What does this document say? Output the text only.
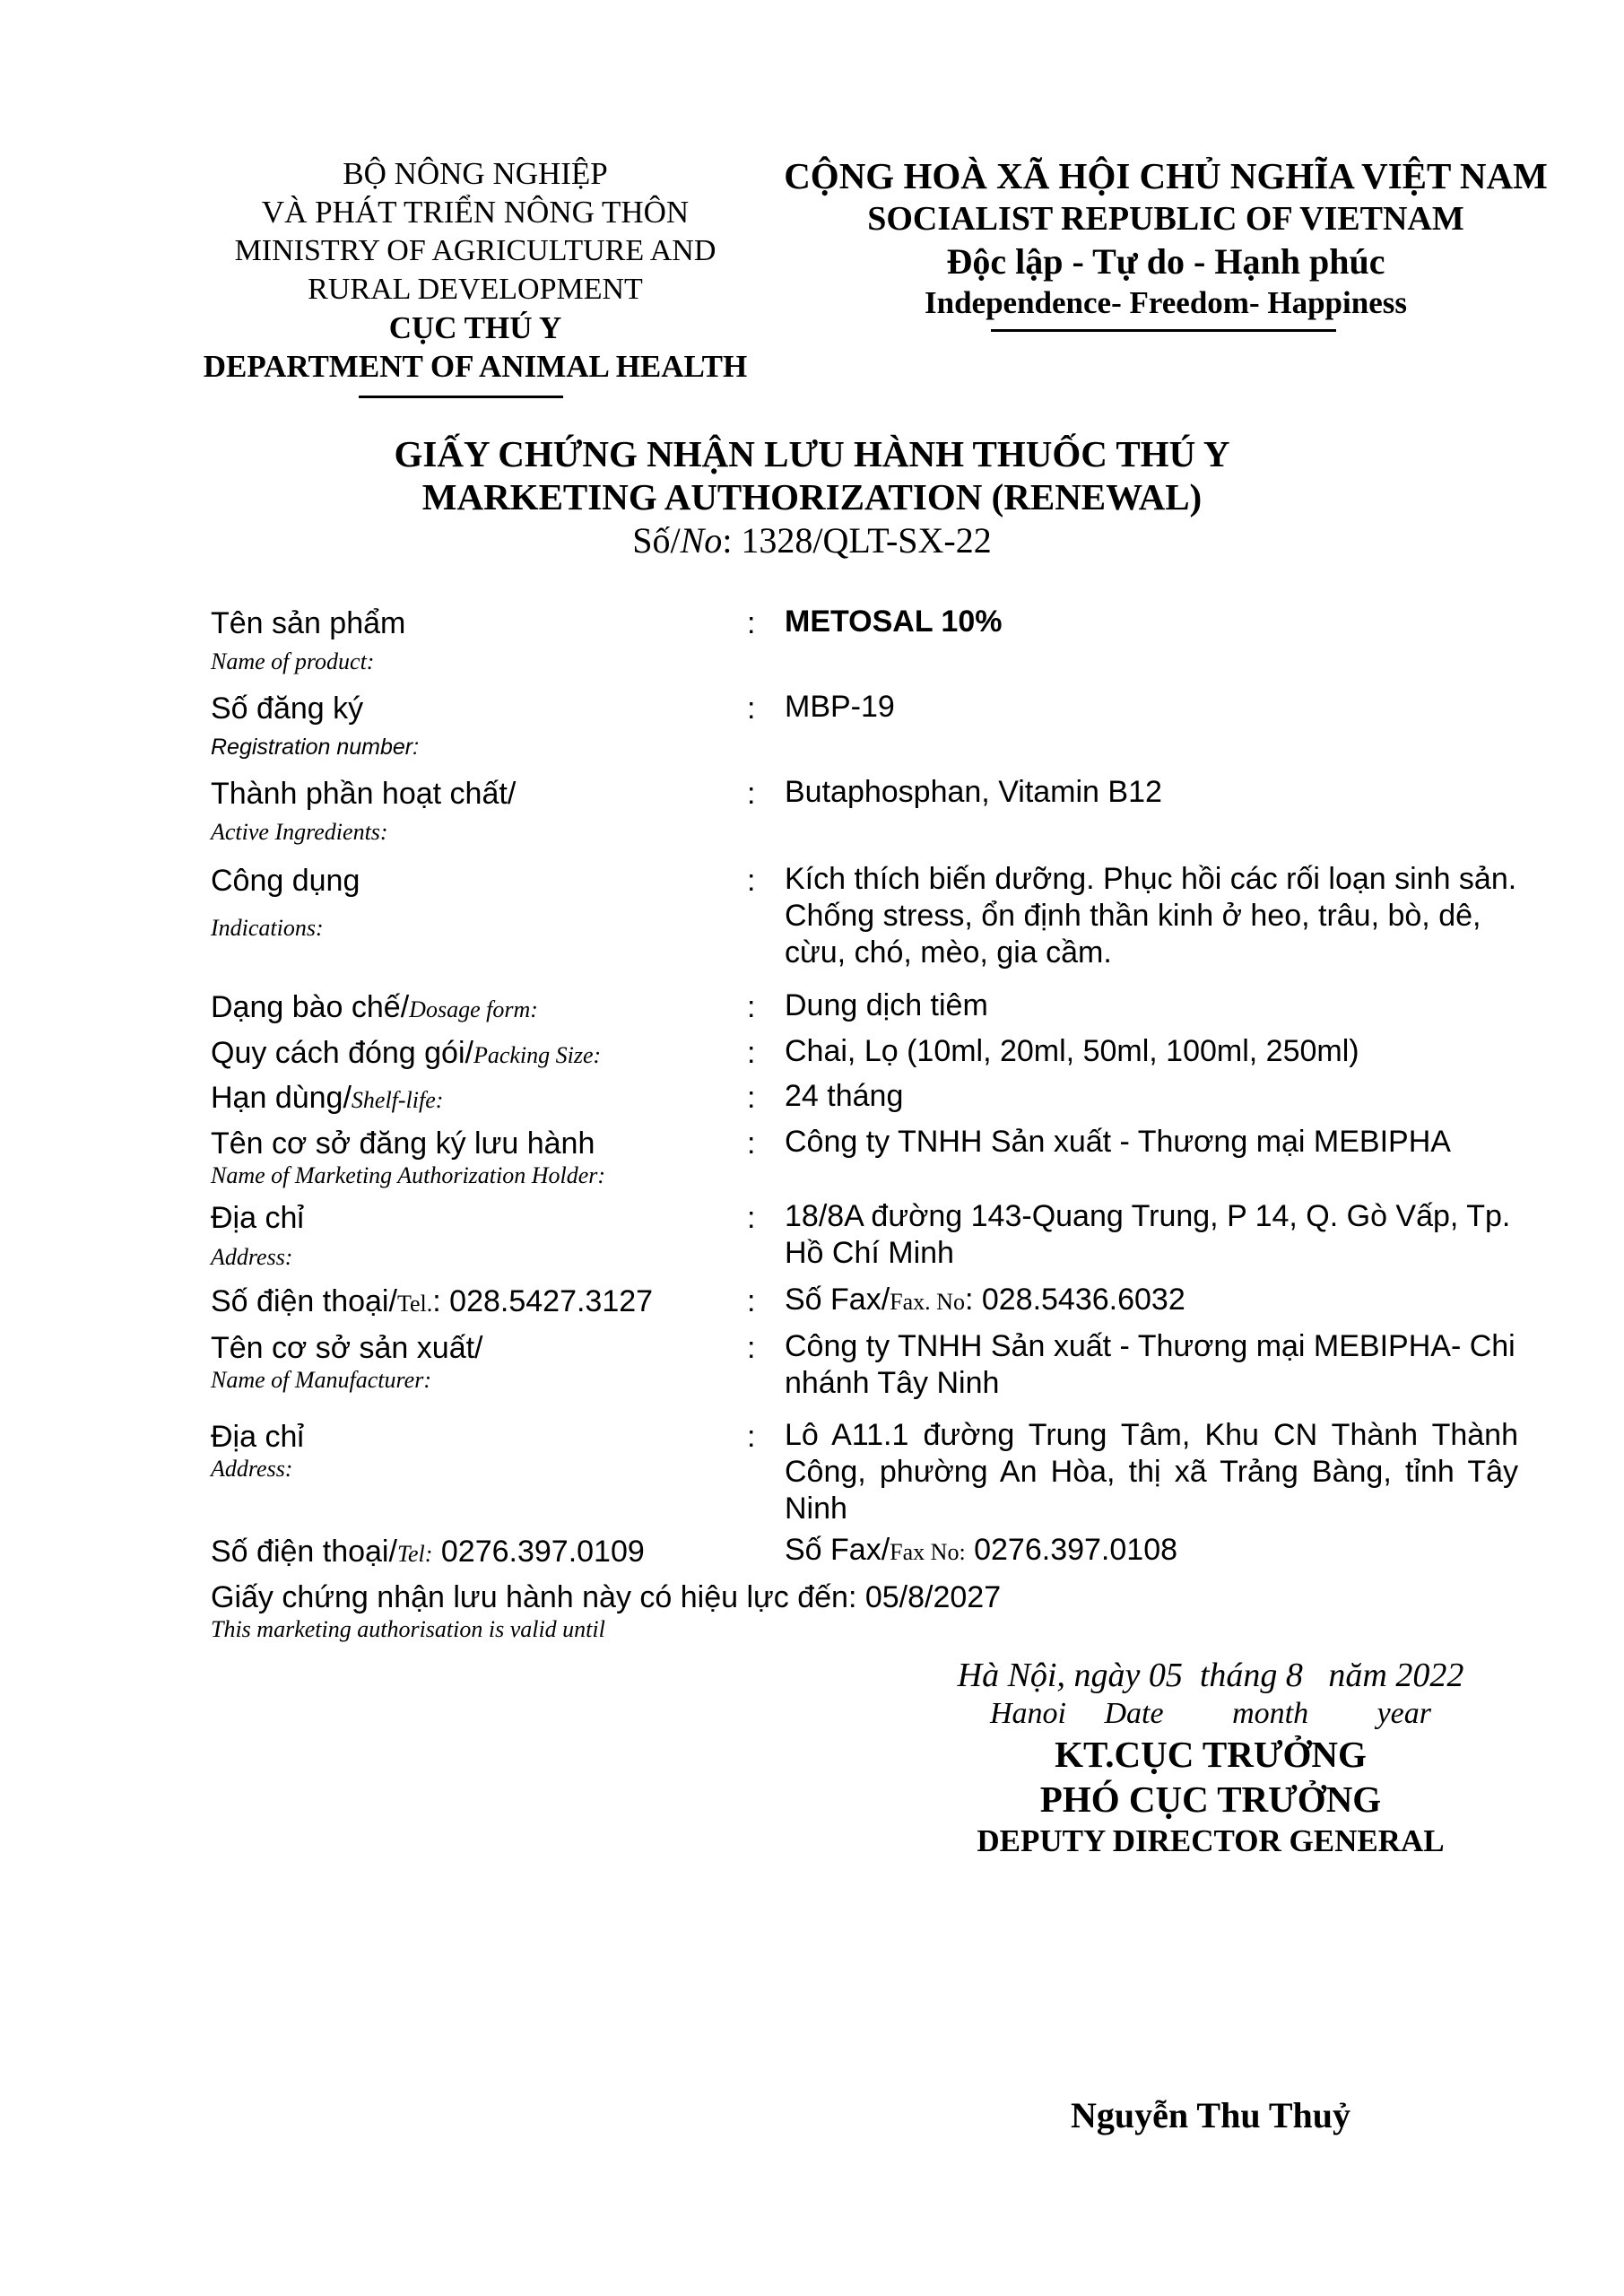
BỘ NÔNG NGHIỆP
VÀ PHÁT TRIỂN NÔNG THÔN
MINISTRY OF AGRICULTURE AND
RURAL DEVELOPMENT
CỤC THÚ Y
DEPARTMENT OF ANIMAL HEALTH
CỘNG HOÀ XÃ HỘI CHỦ NGHĨA VIỆT NAM
SOCIALIST REPUBLIC OF VIETNAM
Độc lập - Tự do - Hạnh phúc
Independence- Freedom- Happiness
GIẤY CHỨNG NHẬN LƯU HÀNH THUỐC THÚ Y
MARKETING AUTHORIZATION (RENEWAL)
Số/No: 1328/QLT-SX-22
Tên sản phẩm
Name of product:
: METOSAL 10%
Số đăng ký
Registration number:
: MBP-19
Thành phần hoạt chất/
Active Ingredients:
: Butaphosphan, Vitamin B12
Công dụng
Indications:
: Kích thích biến dưỡng. Phục hồi các rối loạn sinh sản. Chống stress, ổn định thần kinh ở heo, trâu, bò, dê, cừu, chó, mèo, gia cầm.
Dạng bào chế/Dosage form:	: Dung dịch tiêm
Quy cách đóng gói/Packing Size:	: Chai, Lọ (10ml, 20ml, 50ml, 100ml, 250ml)
Hạn dùng/Shelf-life:	: 24 tháng
Tên cơ sở đăng ký lưu hành
Name of Marketing Authorization Holder:
: Công ty TNHH Sản xuất - Thương mại MEBIPHA
Địa chỉ
Address:
: 18/8A đường 143-Quang Trung, P 14, Q. Gò Vấp, Tp. Hồ Chí Minh
Số điện thoại/Tel.: 028.5427.3127	: Số Fax/Fax. No: 028.5436.6032
Tên cơ sở sản xuất/
Name of Manufacturer:
: Công ty TNHH Sản xuất - Thương mại MEBIPHA- Chi nhánh Tây Ninh
Địa chỉ
Address:
: Lô A11.1 đường Trung Tâm, Khu CN Thành Thành Công, phường An Hòa, thị xã Trảng Bàng, tỉnh Tây Ninh
Số điện thoại/Tel: 0276.397.0109	Số Fax/Fax No: 0276.397.0108
Giấy chứng nhận lưu hành này có hiệu lực đến: 05/8/2027
This marketing authorisation is valid until
Hà Nội, ngày 05  tháng 8   năm 2022
Hanoi     Date         month         year
KT.CỤC TRƯỞNG
PHÓ CỤC TRƯỞNG
DEPUTY DIRECTOR GENERAL
Nguyễn Thu Thuỷ
